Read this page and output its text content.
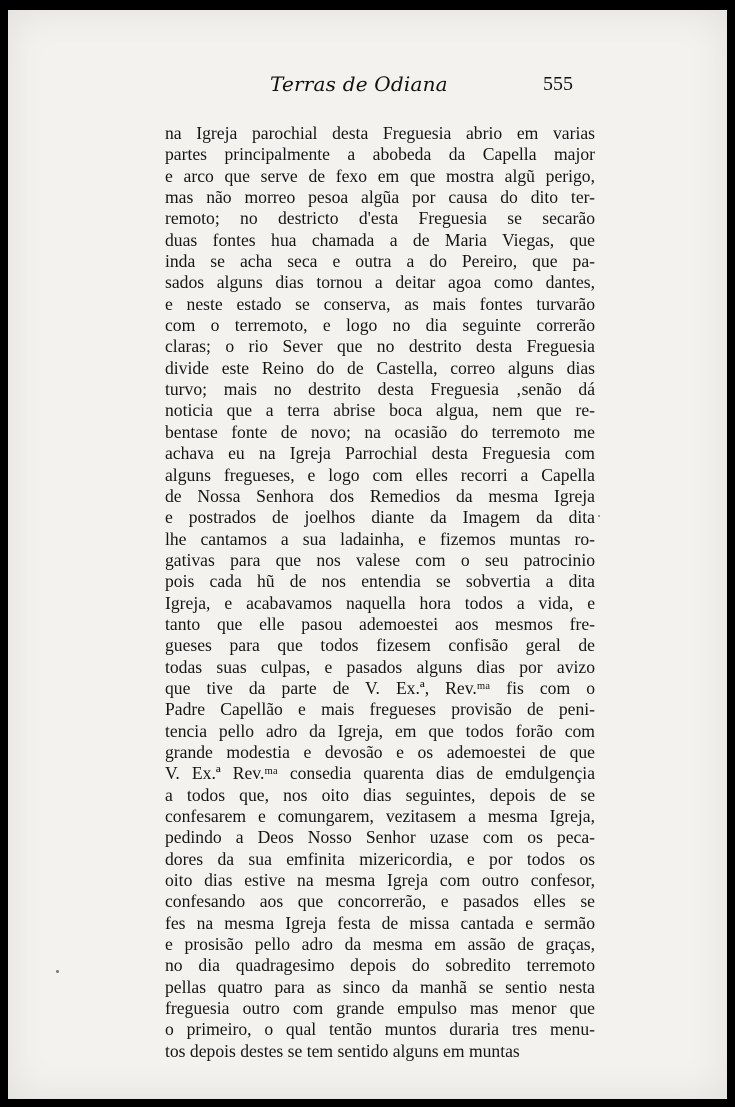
Terras de Odiana	555
na Igreja parochial desta Freguesia abrio em varias
partes principalmente a abobeda da Capella major
e arco que serve de fexo em que mostra algũ perigo,
mas não morreo pesoa algũa por causa do dito ter-
remoto; no destricto d'esta Freguesia se secarão
duas fontes hua chamada a de Maria Viegas, que
inda se acha seca e outra a do Pereiro, que pa-
sados alguns dias tornou a deitar agoa como dantes,
e neste estado se conserva, as mais fontes turvarão
com o terremoto, e logo no dia seguinte correrão
claras; o rio Sever que no destrito desta Freguesia
divide este Reino do de Castella, correo alguns dias
turvo; mais no destrito desta Freguesia ‚senão dá
noticia que a terra abrise boca algua, nem que re-
bentase fonte de novo; na ocasião do terremoto me
achava eu na Igreja Parrochial desta Freguesia com
alguns fregueses, e logo com elles recorri a Capella
de Nossa Senhora dos Remedios da mesma Igreja
e postrados de joelhos diante da Imagem da dita
lhe cantamos a sua ladainha, e fizemos muntas ro-
gativas para que nos valese com o seu patrocinio
pois cada hũ de nos entendia se sobvertia a dita
Igreja, e acabavamos naquella hora todos a vida, e
tanto que elle pasou ademoestei aos mesmos fre-
gueses para que todos fizesem confisão geral de
todas suas culpas, e pasados alguns dias por avizo
que tive da parte de V. Ex.ª, Rev.ᵐᵃ fis com o
Padre Capellão e mais fregueses provisão de peni-
tencia pello adro da Igreja, em que todos forão com
grande modestia e devosão e os ademoestei de que
V. Ex.ª Rev.ᵐᵃ consedia quarenta dias de emdulgençia
a todos que, nos oito dias seguintes, depois de se
confesarem e comungarem, vezitasem a mesma Igreja,
pedindo a Deos Nosso Senhor uzase com os peca-
dores da sua emfinita mizericordia, e por todos os
oito dias estive na mesma Igreja com outro confesor,
confesando aos que concorrerão, e pasados elles se
fes na mesma Igreja festa de missa cantada e sermão
e prosisão pello adro da mesma em assão de graças,
no dia quadragesimo depois do sobredito terremoto
pellas quatro para as sinco da manhã se sentio nesta
freguesia outro com grande empulso mas menor que
o primeiro, o qual tentão muntos duraria tres menu-
tos depois destes se tem sentido alguns em muntas
